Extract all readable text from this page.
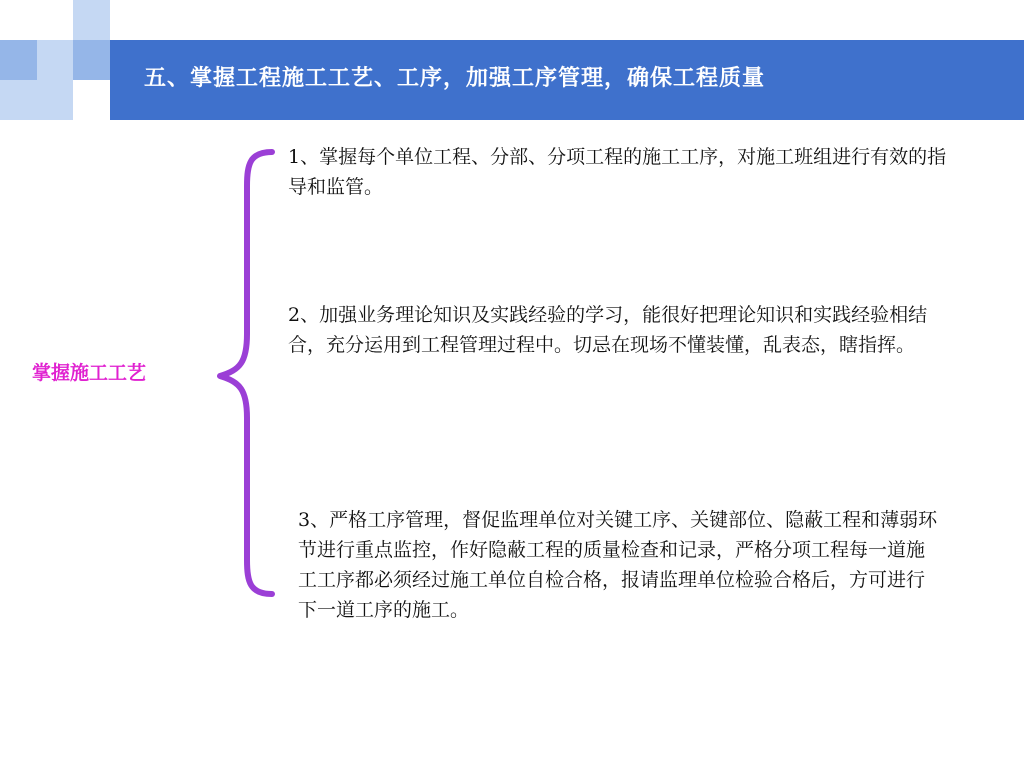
五、掌握工程施工工艺、工序，加强工序管理，确保工程质量
掌握施工工艺
1、掌握每个单位工程、分部、分项工程的施工工序，对施工班组进行有效的指导和监管。
2、加强业务理论知识及实践经验的学习，能很好把理论知识和实践经验相结合，充分运用到工程管理过程中。切忌在现场不懂装懂，乱表态，瞎指挥。
3、严格工序管理，督促监理单位对关键工序、关键部位、隐蔽工程和薄弱环节进行重点监控，作好隐蔽工程的质量检查和记录，严格分项工程每一道施工工序都必须经过施工单位自检合格，报请监理单位检验合格后，方可进行下一道工序的施工。
